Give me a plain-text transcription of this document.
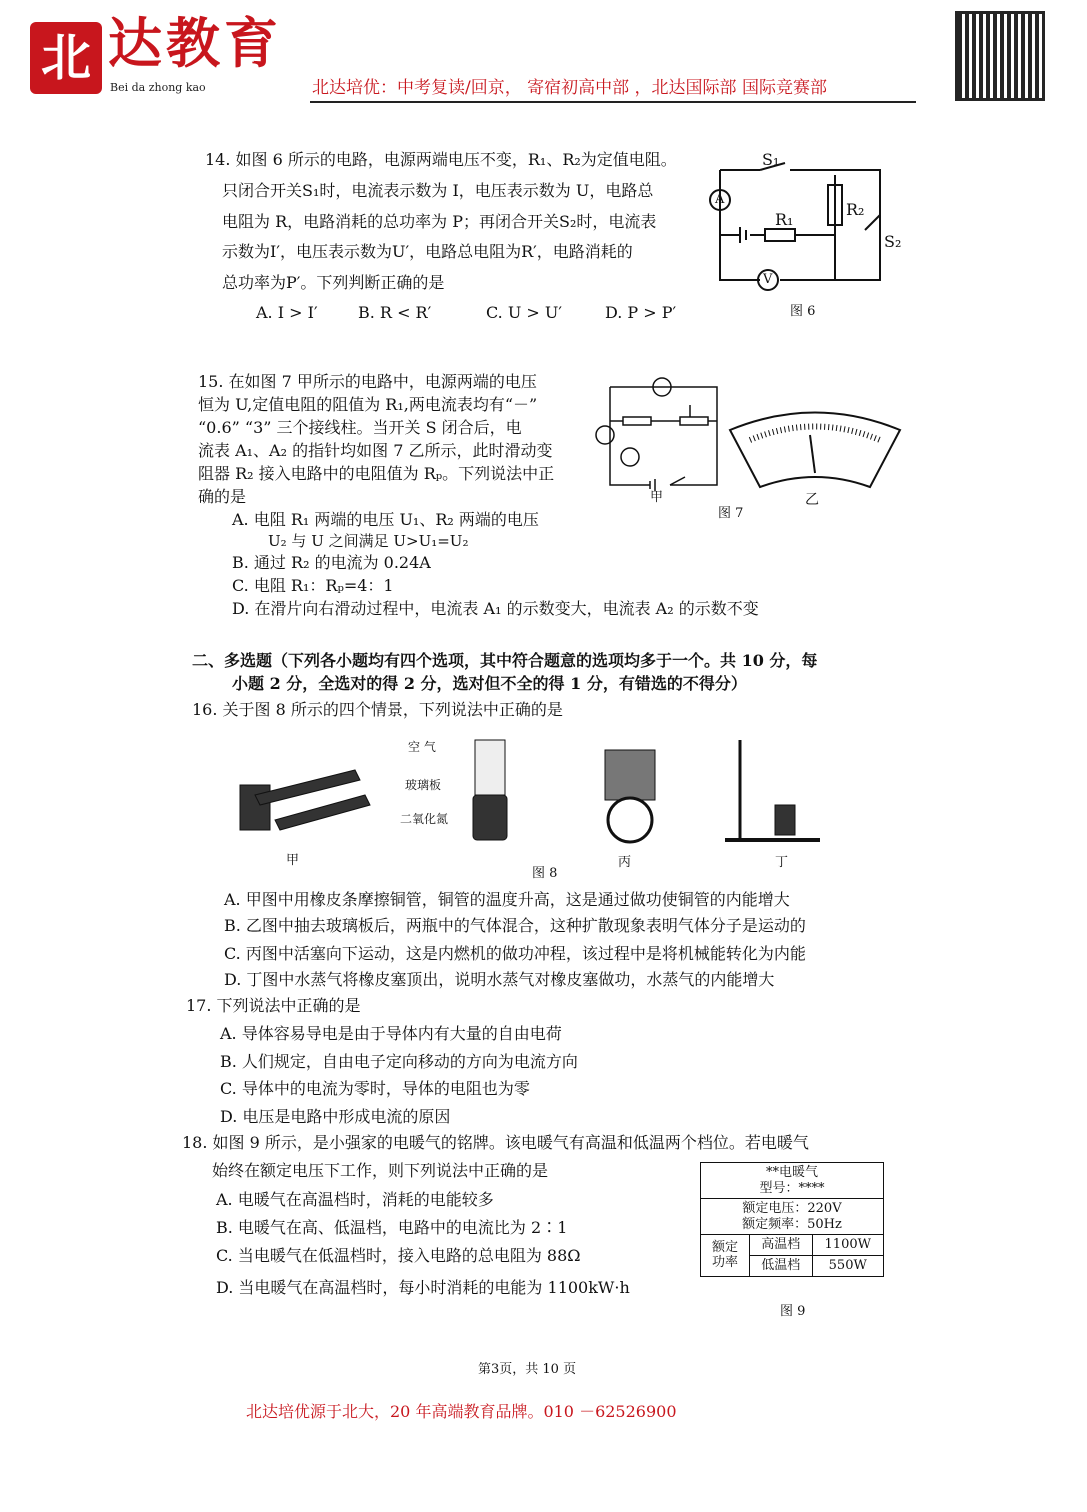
北 达教育
Bei da zhong kao	北达培优：中考复读/回京， 寄宿初高中部 ，北达国际部 国际竞赛部
14. 如图 6 所示的电路，电源两端电压不变，R₁、R₂为定值电阻。
只闭合开关S₁时，电流表示数为 I，电压表示数为 U，电路总
电阻为 R，电路消耗的总功率为 P；再闭合开关S₂时，电流表
示数为I′，电压表示数为U′，电路总电阻为R′，电路消耗的
总功率为P′。下列判断正确的是
A. I > I′	B. R < R′	C. U > U′	D. P > P′
S₁
S₂
R₁
R₂
A
V
图 6
15. 在如图 7 甲所示的电路中，电源两端的电压
恒为 U,定值电阻的阻值为 R₁,两电流表均有“－”
“0.6” “3” 三个接线柱。当开关 S 闭合后，电
流表 A₁、A₂ 的指针均如图 7 乙所示，此时滑动变
阻器 R₂ 接入电路中的电阻值为 Rₚ。下列说法中正
确的是
A. 电阻 R₁ 两端的电压 U₁、R₂ 两端的电压
U₂ 与 U 之间满足 U>U₁=U₂
B. 通过 R₂ 的电流为 0.24A
C. 电阻 R₁：Rₚ=4：1
D. 在滑片向右滑动过程中，电流表 A₁ 的示数变大，电流表 A₂ 的示数不变
甲
图 7
乙
二、多选题（下列各小题均有四个选项，其中符合题意的选项均多于一个。共 10 分，每
小题 2 分，全选对的得 2 分，选对但不全的得 1 分，有错选的不得分）
16. 关于图 8 所示的四个情景，下列说法中正确的是
空 气
玻璃板
二氧化氮
甲
图 8
丙	丁
A. 甲图中用橡皮条摩擦铜管，铜管的温度升高，这是通过做功使铜管的内能增大
B. 乙图中抽去玻璃板后，两瓶中的气体混合，这种扩散现象表明气体分子是运动的
C. 丙图中活塞向下运动，这是内燃机的做功冲程，该过程中是将机械能转化为内能
D. 丁图中水蒸气将橡皮塞顶出，说明水蒸气对橡皮塞做功，水蒸气的内能增大
17. 下列说法中正确的是
A. 导体容易导电是由于导体内有大量的自由电荷
B. 人们规定，自由电子定向移动的方向为电流方向
C. 导体中的电流为零时，导体的电阻也为零
D. 电压是电路中形成电流的原因
18. 如图 9 所示，是小强家的电暖气的铭牌。该电暖气有高温和低温两个档位。若电暖气
始终在额定电压下工作，则下列说法中正确的是
A. 电暖气在高温档时，消耗的电能较多
B. 电暖气在高、低温档，电路中的电流比为 2∶1
C. 当电暖气在低温档时，接入电路的总电阻为 88Ω
D. 当电暖气在高温档时，每小时消耗的电能为 1100kW·h
**电暖气
型号：****		

额定电压：220V
额定频率：50Hz		

额定功率	高温档	1100W
	低温档	550W
图 9
第3页，共 10 页
北达培优源于北大，20 年高端教育品牌。010 －62526900
